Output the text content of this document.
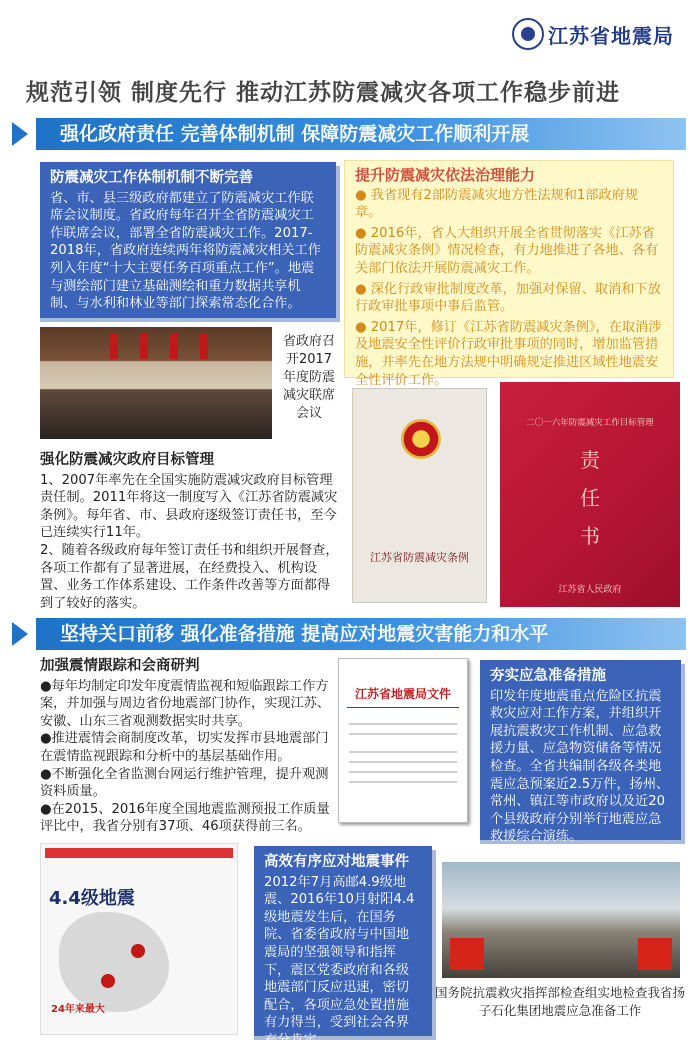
江苏省地震局
规范引领 制度先行 推动江苏防震减灾各项工作稳步前进
强化政府责任 完善体制机制 保障防震减灾工作顺利开展
防震减灾工作体制机制不断完善
省、市、县三级政府都建立了防震减灾工作联席会议制度。省政府每年召开全省防震减灾工作联席会议，部署全省防震减灾工作。2017-2018年，省政府连续两年将防震减灾相关工作列入年度“十大主要任务百项重点工作”。地震与测绘部门建立基础测绘和重力数据共享机制、与水利和林业等部门探索常态化合作。
提升防震减灾依法治理能力

● 我省现有2部防震减灾地方性法规和1部政府规章。

● 2016年，省人大组织开展全省贯彻落实《江苏省防震减灾条例》情况检查，有力地推进了各地、各有关部门依法开展防震减灾工作。

● 深化行政审批制度改革，加强对保留、取消和下放行政审批事项中事后监管。

● 2017年，修订《江苏省防震减灾条例》，在取消涉及地震安全性评价行政审批事项的同时，增加监管措施，并率先在地方法规中明确规定推进区域性地震安全性评价工作。

省政府召开2017年度防震减灾联席会议
强化防震减灾政府目标管理
1、2007年率先在全国实施防震减灾政府目标管理责任制。2011年将这一制度写入《江苏省防震减灾条例》。每年省、市、县政府逐级签订责任书，至今已连续实行11年。
2、随着各级政府每年签订责任书和组织开展督查，各项工作都有了显著进展，在经费投入、机构设置、业务工作体系建设、工作条件改善等方面都得到了较好的落实。
江苏省防震减灾条例
二〇一六年防震减灾工作目标管理
责
任
书
江苏省人民政府
坚持关口前移 强化准备措施 提高应对地震灾害能力和水平
加强震情跟踪和会商研判
●每年均制定印发年度震情监视和短临跟踪工作方案，并加强与周边省份地震部门协作，实现江苏、安徽、山东三省观测数据实时共享。
●推进震情会商制度改革，切实发挥市县地震部门在震情监视跟踪和分析中的基层基础作用。
●不断强化全省监测台网运行维护管理，提升观测资料质量。
●在2015、2016年度全国地震监测预报工作质量评比中，我省分别有37项、46项获得前三名。
江苏省地震局文件
夯实应急准备措施
印发年度地震重点危险区抗震救灾应对工作方案，并组织开展抗震救灾工作机制、应急救援力量、应急物资储备等情况检查。全省共编制各级各类地震应急预案近2.5万件，扬州、常州、镇江等市政府以及近20个县级政府分别举行地震应急救援综合演练。
4.4级地震
24年来最大
高效有序应对地震事件
2012年7月高邮4.9级地震、2016年10月射阳4.4级地震发生后，在国务院、省委省政府与中国地震局的坚强领导和指挥下，震区党委政府和各级地震部门反应迅速，密切配合，各项应急处置措施有力得当，受到社会各界充分肯定。
国务院抗震救灾指挥部检查组实地检查我省扬子石化集团地震应急准备工作
